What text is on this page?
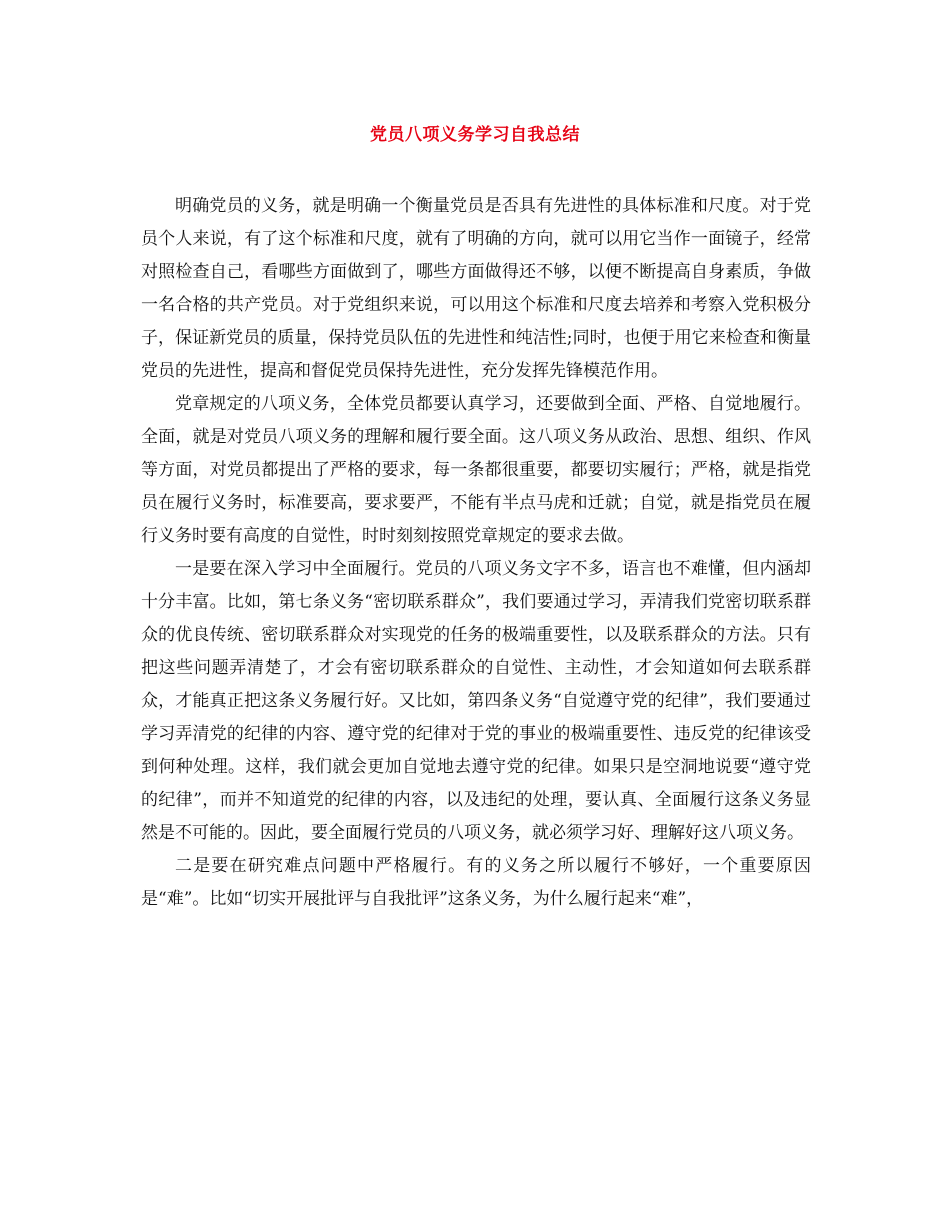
党员八项义务学习自我总结

明确党员的义务，就是明确一个衡量党员是否具有先进性的具体标准和尺度。对于党员个人来说，有了这个标准和尺度，就有了明确的方向，就可以用它当作一面镜子，经常对照检查自己，看哪些方面做到了，哪些方面做得还不够，以便不断提高自身素质，争做一名合格的共产党员。对于党组织来说，可以用这个标准和尺度去培养和考察入党积极分子，保证新党员的质量，保持党员队伍的先进性和纯洁性;同时，也便于用它来检查和衡量党员的先进性，提高和督促党员保持先进性，充分发挥先锋模范作用。

党章规定的八项义务，全体党员都要认真学习，还要做到全面、严格、自觉地履行。全面，就是对党员八项义务的理解和履行要全面。这八项义务从政治、思想、组织、作风等方面，对党员都提出了严格的要求，每一条都很重要，都要切实履行；严格，就是指党员在履行义务时，标准要高，要求要严，不能有半点马虎和迁就；自觉，就是指党员在履行义务时要有高度的自觉性，时时刻刻按照党章规定的要求去做。

一是要在深入学习中全面履行。党员的八项义务文字不多，语言也不难懂，但内涵却十分丰富。比如，第七条义务“密切联系群众”，我们要通过学习，弄清我们党密切联系群众的优良传统、密切联系群众对实现党的任务的极端重要性，以及联系群众的方法。只有把这些问题弄清楚了，才会有密切联系群众的自觉性、主动性，才会知道如何去联系群众，才能真正把这条义务履行好。又比如，第四条义务“自觉遵守党的纪律”，我们要通过学习弄清党的纪律的内容、遵守党的纪律对于党的事业的极端重要性、违反党的纪律该受到何种处理。这样，我们就会更加自觉地去遵守党的纪律。如果只是空洞地说要“遵守党的纪律”，而并不知道党的纪律的内容，以及违纪的处理，要认真、全面履行这条义务显然是不可能的。因此，要全面履行党员的八项义务，就必须学习好、理解好这八项义务。

二是要在研究难点问题中严格履行。有的义务之所以履行不够好，一个重要原因是“难”。比如“切实开展批评与自我批评”这条义务，为什么履行起来“难”，
